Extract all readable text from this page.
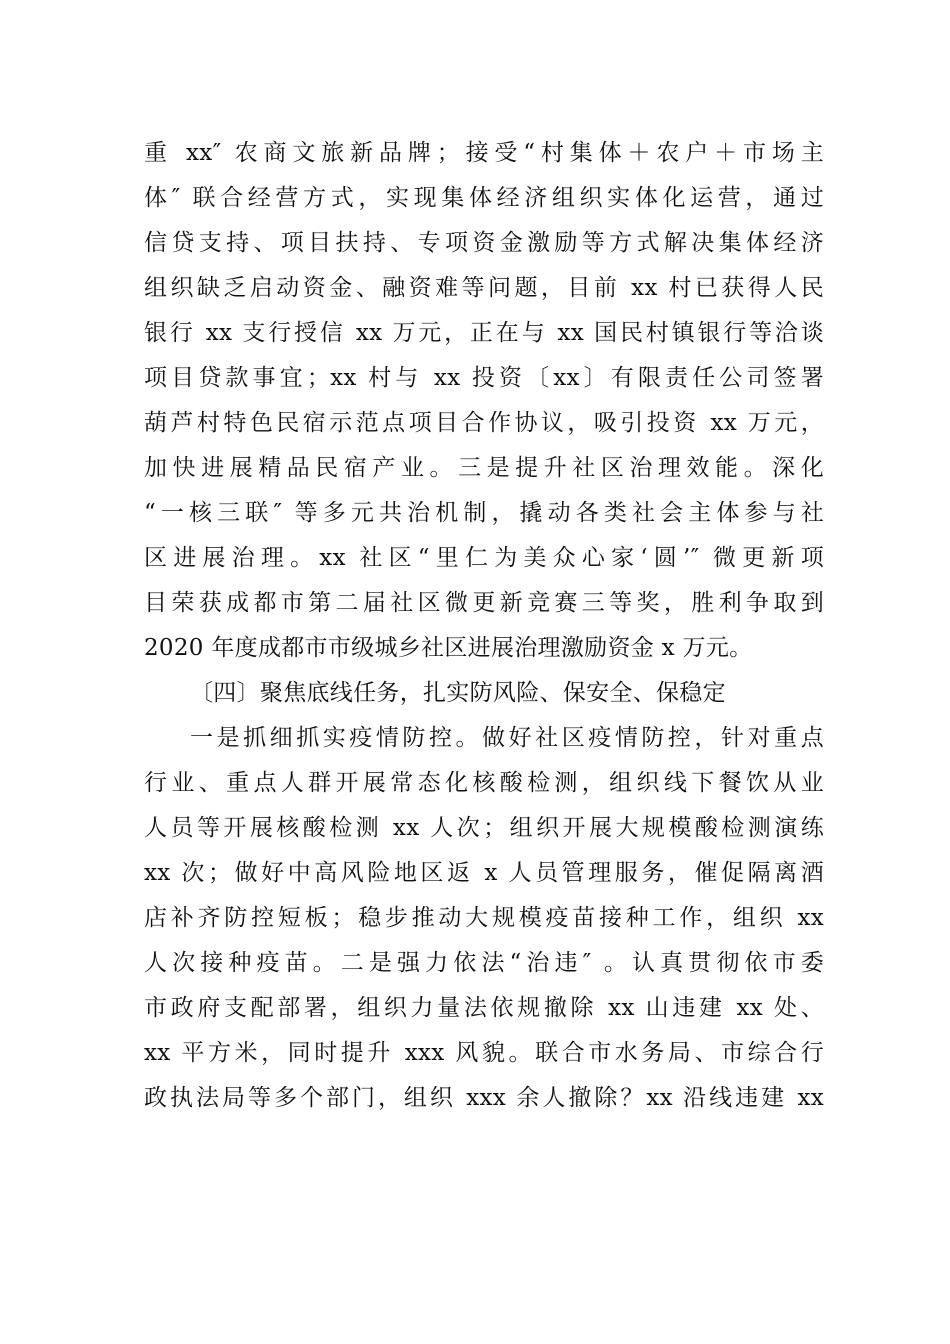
重 xx″ 农商文旅新品牌；接受“村集体＋农户＋市场主
体″ 联合经营方式，实现集体经济组织实体化运营，通过
信贷支持、项目扶持、专项资金激励等方式解决集体经济
组织缺乏启动资金、融资难等问题，目前 xx 村已获得人民
银行 xx 支行授信 xx 万元，正在与 xx 国民村镇银行等洽谈
项目贷款事宜；xx 村与 xx 投资〔xx〕有限责任公司签署
葫芦村特色民宿示范点项目合作协议，吸引投资 xx 万元，
加快进展精品民宿产业。三是提升社区治理效能。深化
“一核三联″ 等多元共治机制，撬动各类社会主体参与社
区进展治理。xx 社区“里仁为美众心家‘圆’″ 微更新项
目荣获成都市第二届社区微更新竞赛三等奖，胜利争取到
2020 年度成都市市级城乡社区进展治理激励资金 x 万元。
〔四〕聚焦底线任务，扎实防风险、保安全、保稳定
一是抓细抓实疫情防控。做好社区疫情防控，针对重点
行业、重点人群开展常态化核酸检测，组织线下餐饮从业
人员等开展核酸检测 xx 人次；组织开展大规模酸检测演练
xx 次；做好中高风险地区返 x 人员管理服务，催促隔离酒
店补齐防控短板；稳步推动大规模疫苗接种工作，组织 xx
人次接种疫苗。二是强力依法“治违″ 。认真贯彻依市委
市政府支配部署，组织力量法依规撤除 xx 山违建 xx 处、
xx 平方米，同时提升 xxx 风貌。联合市水务局、市综合行
政执法局等多个部门，组织 xxx 余人撤除？xx 沿线违建 xx
